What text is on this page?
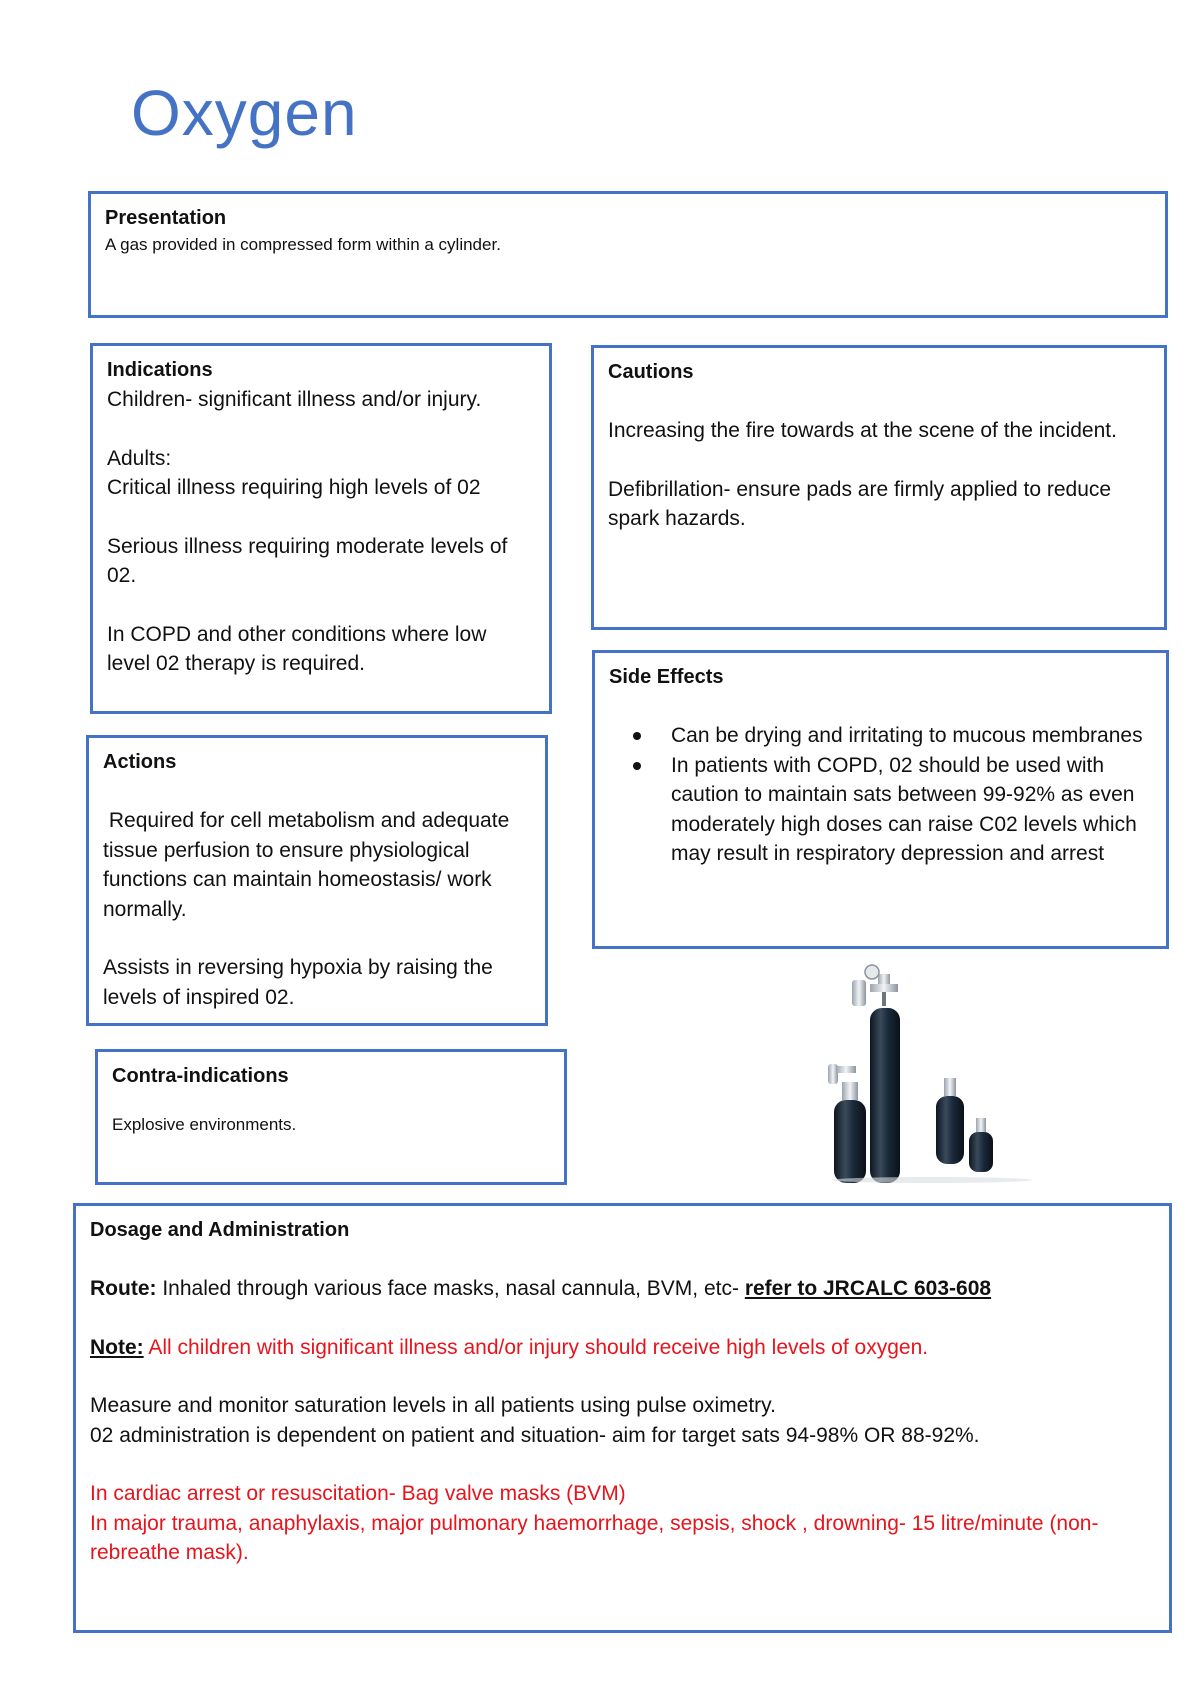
Oxygen
Presentation

A gas provided in compressed form within a cylinder.

Indications

Children- significant illness and/or injury.

Adults:

Critical illness requiring high levels of 02

Serious illness requiring moderate levels of 02.

In COPD and other conditions where low level 02 therapy is required.

Cautions

Increasing the fire towards at the scene of the incident.

Defibrillation- ensure pads are firmly applied to reduce spark hazards.

Side Effects
Can be drying and irritating to mucous membranes
In patients with COPD, 02 should be used with caution to maintain sats between 99-92% as even moderately high doses can raise C02 levels which may result in respiratory depression and arrest
Actions

Required for cell metabolism and adequate tissue perfusion to ensure physiological functions can maintain homeostasis/ work normally.

Assists in reversing hypoxia by raising the levels of inspired 02.

Contra-indications

Explosive environments.

Dosage and Administration

Route: Inhaled through various face masks, nasal cannula, BVM, etc- refer to JRCALC 603-608

Note: All children with significant illness and/or injury should receive high levels of oxygen.

Measure and monitor saturation levels in all patients using pulse oximetry.

02 administration is dependent on patient and situation- aim for target sats 94-98% OR 88-92%.

In cardiac arrest or resuscitation- Bag valve masks (BVM)

In major trauma, anaphylaxis, major pulmonary haemorrhage, sepsis, shock , drowning- 15 litre/minute (non-rebreathe mask).
